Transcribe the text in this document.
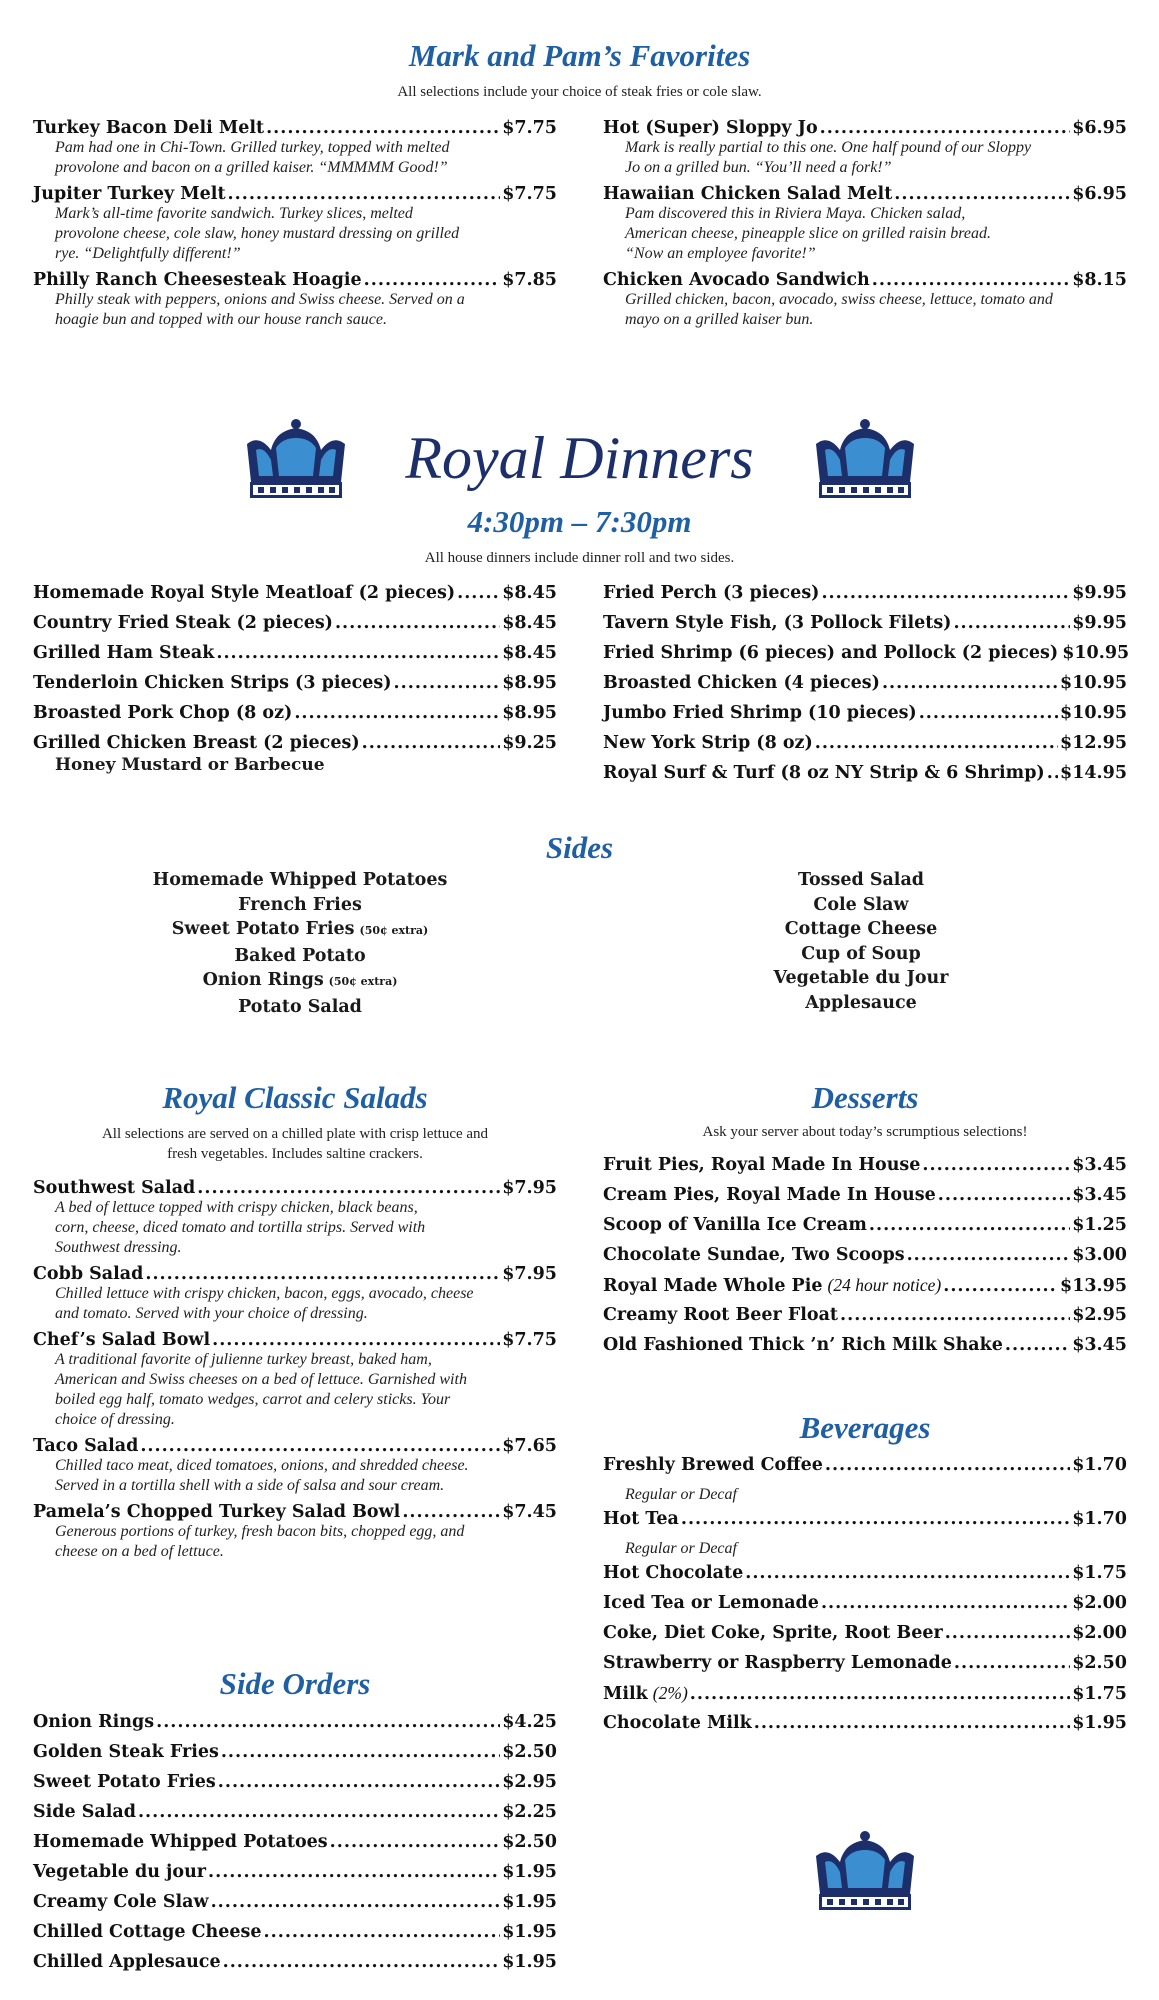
Mark and Pam’s Favorites
All selections include your choice of steak fries or cole slaw.
Turkey Bacon Deli Melt .....	$7.75
Pam had one in Chi-Town. Grilled turkey, topped with melted
provolone and bacon on a grilled kaiser. “MMMMM Good!”
Jupiter Turkey Melt .....	$7.75
Mark’s all-time favorite sandwich. Turkey slices, melted
provolone cheese, cole slaw, honey mustard dressing on grilled
rye. “Delightfully different!”
Philly Ranch Cheesesteak Hoagie .....	$7.85
Philly steak with peppers, onions and Swiss cheese. Served on a
hoagie bun and topped with our house ranch sauce.
Hot (Super) Sloppy Jo .....	$6.95
Mark is really partial to this one. One half pound of our Sloppy
Jo on a grilled bun. “You’ll need a fork!”
Hawaiian Chicken Salad Melt .....	$6.95
Pam discovered this in Riviera Maya. Chicken salad,
American cheese, pineapple slice on grilled raisin bread.
“Now an employee favorite!”
Chicken Avocado Sandwich .....	$8.15
Grilled chicken, bacon, avocado, swiss cheese, lettuce, tomato and
mayo on a grilled kaiser bun.
Royal Dinners
4:30pm – 7:30pm
All house dinners include dinner roll and two sides.
Homemade Royal Style Meatloaf (2 pieces) .....	$8.45
Country Fried Steak (2 pieces) .....	$8.45
Grilled Ham Steak .....	$8.45
Tenderloin Chicken Strips (3 pieces) .....	$8.95
Broasted Pork Chop (8 oz) .....	$8.95
Grilled Chicken Breast (2 pieces) .....	$9.25
Honey Mustard or Barbecue
Fried Perch (3 pieces) .....	$9.95
Tavern Style Fish, (3 Pollock Filets) .....	$9.95
Fried Shrimp (6 pieces) and Pollock (2 pieces) $10.95
Broasted Chicken (4 pieces) .....	$10.95
Jumbo Fried Shrimp (10 pieces) .....	$10.95
New York Strip (8 oz) .....	$12.95
Royal Surf & Turf (8 oz NY Strip & 6 Shrimp) ..... $14.95
Sides
Homemade Whipped Potatoes
French Fries
Sweet Potato Fries (50¢ extra)
Baked Potato
Onion Rings (50¢ extra)
Potato Salad
Tossed Salad
Cole Slaw
Cottage Cheese
Cup of Soup
Vegetable du Jour
Applesauce
Royal Classic Salads
All selections are served on a chilled plate with crisp lettuce and
fresh vegetables. Includes saltine crackers.
Southwest Salad .....	$7.95
A bed of lettuce topped with crispy chicken, black beans,
corn, cheese, diced tomato and tortilla strips. Served with
Southwest dressing.
Cobb Salad .....	$7.95
Chilled lettuce with crispy chicken, bacon, eggs, avocado, cheese
and tomato. Served with your choice of dressing.
Chef’s Salad Bowl .....	$7.75
A traditional favorite of julienne turkey breast, baked ham,
American and Swiss cheeses on a bed of lettuce. Garnished with
boiled egg half, tomato wedges, carrot and celery sticks. Your
choice of dressing.
Taco Salad .....	$7.65
Chilled taco meat, diced tomatoes, onions, and shredded cheese.
Served in a tortilla shell with a side of salsa and sour cream.
Pamela’s Chopped Turkey Salad Bowl .....	$7.45
Generous portions of turkey, fresh bacon bits, chopped egg, and
cheese on a bed of lettuce.
Side Orders
Onion Rings .....	$4.25
Golden Steak Fries .....	$2.50
Sweet Potato Fries .....	$2.95
Side Salad .....	$2.25
Homemade Whipped Potatoes .....	$2.50
Vegetable du jour .....	$1.95
Creamy Cole Slaw .....	$1.95
Chilled Cottage Cheese .....	$1.95
Chilled Applesauce .....	$1.95
Desserts
Ask your server about today’s scrumptious selections!
Fruit Pies, Royal Made In House .....	$3.45
Cream Pies, Royal Made In House .....	$3.45
Scoop of Vanilla Ice Cream .....	$1.25
Chocolate Sundae, Two Scoops .....	$3.00
Royal Made Whole Pie (24 hour notice) .....	$13.95
Creamy Root Beer Float .....	$2.95
Old Fashioned Thick ’n’ Rich Milk Shake .....	$3.45
Beverages
Freshly Brewed Coffee .....	$1.70
Regular or Decaf
Hot Tea .....	$1.70
Regular or Decaf
Hot Chocolate .....	$1.75
Iced Tea or Lemonade .....	$2.00
Coke, Diet Coke, Sprite, Root Beer .....	$2.00
Strawberry or Raspberry Lemonade .....	$2.50
Milk (2%) .....	$1.75
Chocolate Milk .....	$1.95
